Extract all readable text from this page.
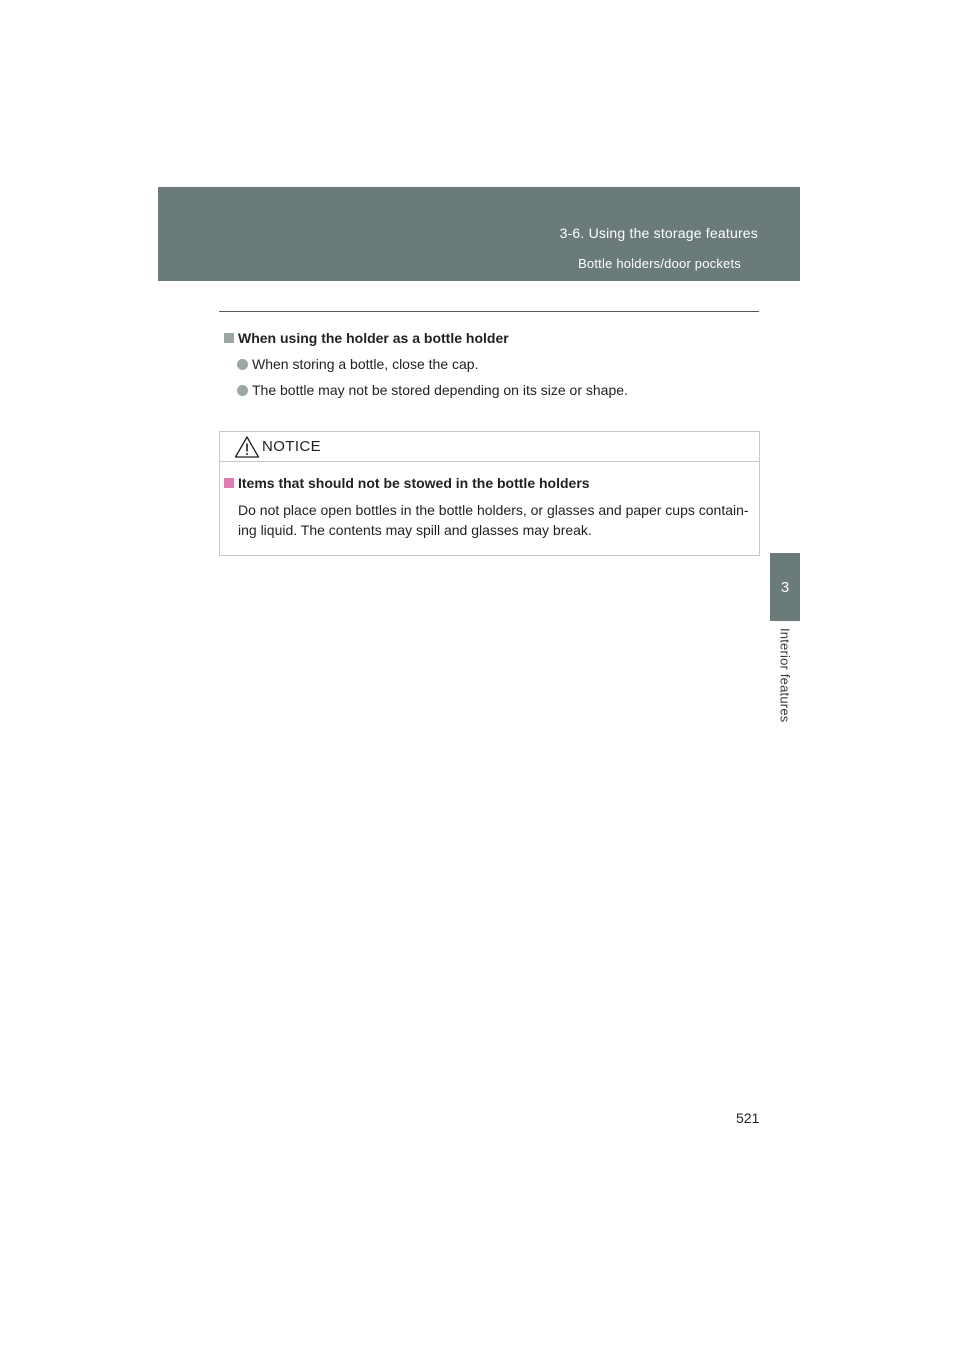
3-6. Using the storage features
Bottle holders/door pockets
3
Interior features
When using the holder as a bottle holder
When storing a bottle, close the cap.
The bottle may not be stored depending on its size or shape.
NOTICE
Items that should not be stowed in the bottle holders
Do not place open bottles in the bottle holders, or glasses and paper cups contain-ing liquid. The contents may spill and glasses may break.
521
